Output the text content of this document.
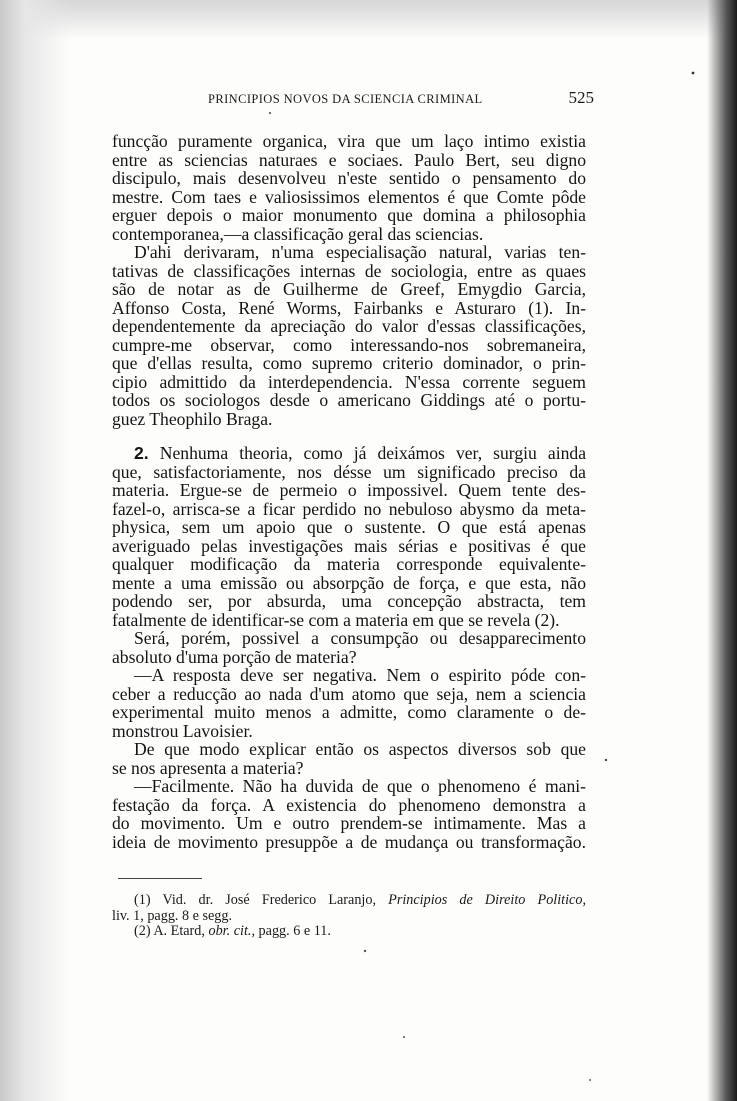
PRINCIPIOS NOVOS DA SCIENCIA CRIMINAL	525
funcção puramente organica, vira que um laço intimo existia
entre as sciencias naturaes e sociaes. Paulo Bert, seu digno
discipulo, mais desenvolveu n'este sentido o pensamento do
mestre. Com taes e valiosissimos elementos é que Comte pôde
erguer depois o maior monumento que domina a philosophia
contemporanea,—a classificação geral das sciencias.
D'ahi derivaram, n'uma especialisação natural, varias ten-
tativas de classificações internas de sociologia, entre as quaes
são de notar as de Guilherme de Greef, Emygdio Garcia,
Affonso Costa, René Worms, Fairbanks e Asturaro (1). In-
dependentemente da apreciação do valor d'essas classificações,
cumpre-me observar, como interessando-nos sobremaneira,
que d'ellas resulta, como supremo criterio dominador, o prin-
cipio admittido da interdependencia. N'essa corrente seguem
todos os sociologos desde o americano Giddings até o portu-
guez Theophilo Braga.
2. Nenhuma theoria, como já deixámos ver, surgiu ainda
que, satisfactoriamente, nos désse um significado preciso da
materia. Ergue-se de permeio o impossivel. Quem tente des-
fazel-o, arrisca-se a ficar perdido no nebuloso abysmo da meta-
physica, sem um apoio que o sustente. O que está apenas
averiguado pelas investigações mais sérias e positivas é que
qualquer modificação da materia corresponde equivalente-
mente a uma emissão ou absorpção de força, e que esta, não
podendo ser, por absurda, uma concepção abstracta, tem
fatalmente de identificar-se com a materia em que se revela (2).
Será, porém, possivel a consumpção ou desapparecimento
absoluto d'uma porção de materia?
—A resposta deve ser negativa. Nem o espirito póde con-
ceber a reducção ao nada d'um atomo que seja, nem a sciencia
experimental muito menos a admitte, como claramente o de-
monstrou Lavoisier.
De que modo explicar então os aspectos diversos sob que
se nos apresenta a materia?
—Facilmente. Não ha duvida de que o phenomeno é mani-
festação da força. A existencia do phenomeno demonstra a
do movimento. Um e outro prendem-se intimamente. Mas a
ideia de movimento presuppõe a de mudança ou transformação.
(1) Vid. dr. José Frederico Laranjo, Principios de Direito Politico,
liv. 1, pagg. 8 e segg.
(2) A. Etard, obr. cit., pagg. 6 e 11.
